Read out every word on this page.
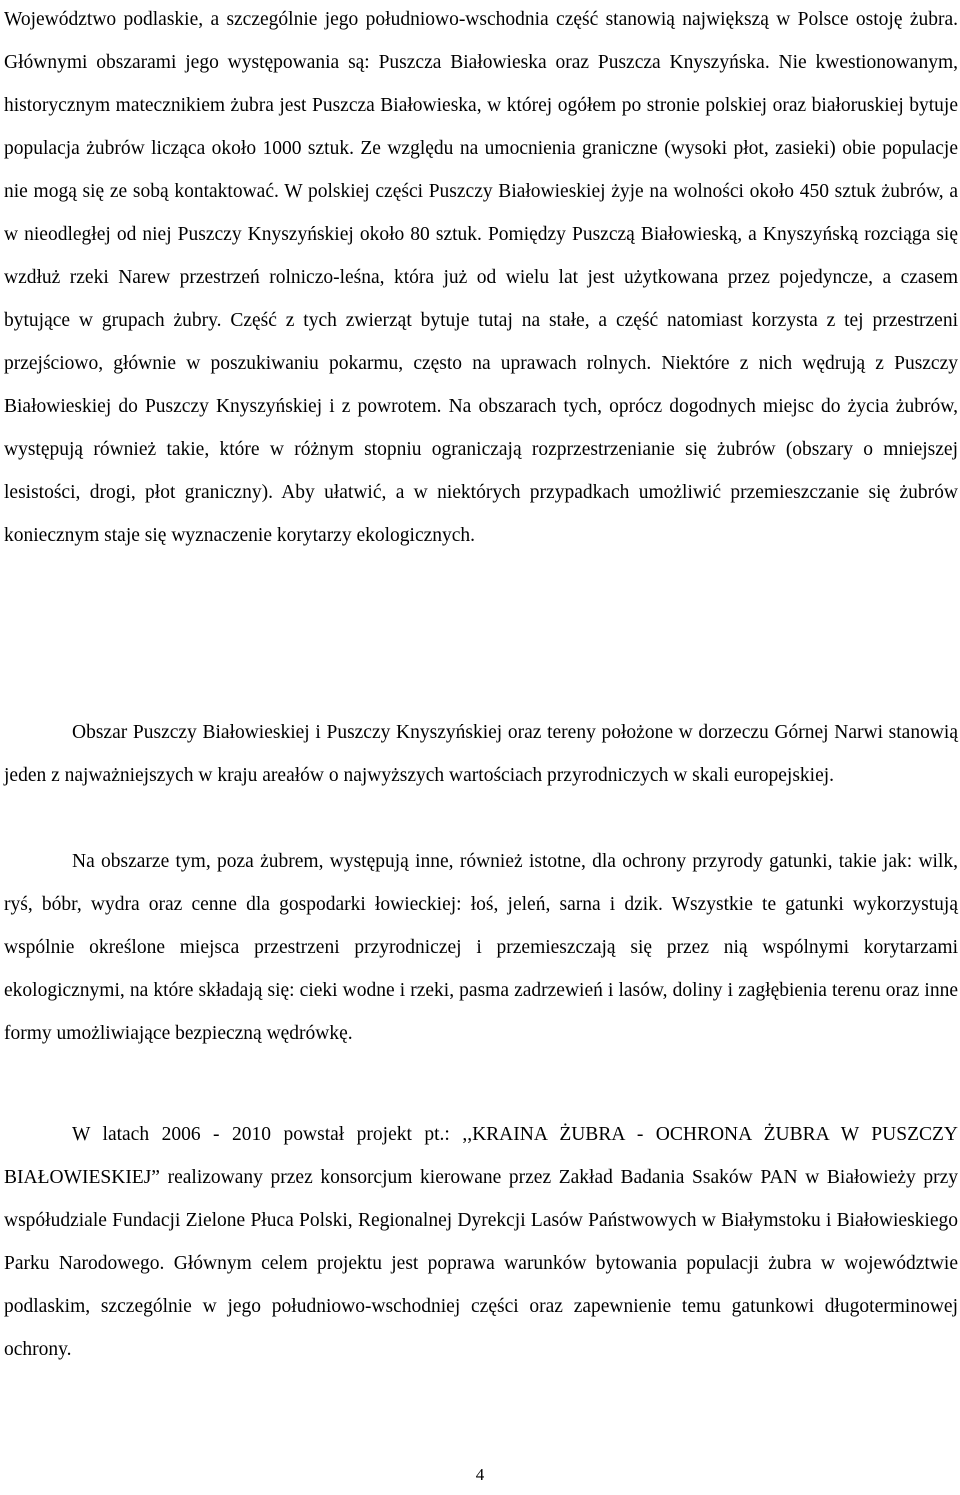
Województwo podlaskie, a szczególnie jego południowo-wschodnia część stanowią największą w Polsce ostoję żubra. Głównymi obszarami jego występowania są: Puszcza Białowieska oraz Puszcza Knyszyńska. Nie kwestionowanym, historycznym matecznikiem żubra jest Puszcza Białowieska, w której ogółem po stronie polskiej oraz białoruskiej bytuje populacja żubrów licząca około 1000 sztuk. Ze względu na umocnienia graniczne (wysoki płot, zasieki) obie populacje nie mogą się ze sobą kontaktować. W polskiej części Puszczy Białowieskiej żyje na wolności około 450 sztuk żubrów, a w nieodległej od niej Puszczy Knyszyńskiej około 80 sztuk. Pomiędzy Puszczą Białowieską, a Knyszyńską rozciąga się wzdłuż rzeki Narew przestrzeń rolniczo-leśna, która już od wielu lat jest użytkowana przez pojedyncze, a czasem bytujące w grupach żubry. Część z tych zwierząt bytuje tutaj na stałe, a część natomiast korzysta z tej przestrzeni przejściowo, głównie w poszukiwaniu pokarmu, często na uprawach rolnych. Niektóre z nich wędrują z Puszczy Białowieskiej do Puszczy Knyszyńskiej i z powrotem. Na obszarach tych, oprócz dogodnych miejsc do życia żubrów, występują również takie, które w różnym stopniu ograniczają rozprzestrzenianie się żubrów (obszary o mniejszej lesistości, drogi, płot graniczny). Aby ułatwić, a w niektórych przypadkach umożliwić przemieszczanie się żubrów koniecznym staje się wyznaczenie korytarzy ekologicznych.

Obszar Puszczy Białowieskiej i Puszczy Knyszyńskiej oraz tereny położone w dorzeczu Górnej Narwi stanowią jeden z najważniejszych w kraju areałów o najwyższych wartościach przyrodniczych w skali europejskiej.

Na obszarze tym, poza żubrem, występują inne, również istotne, dla ochrony przyrody gatunki, takie jak: wilk, ryś, bóbr, wydra oraz cenne dla gospodarki łowieckiej: łoś, jeleń, sarna i dzik. Wszystkie te gatunki wykorzystują wspólnie określone miejsca przestrzeni przyrodniczej i przemieszczają się przez nią wspólnymi korytarzami ekologicznymi, na które składają się: cieki wodne i rzeki, pasma zadrzewień i lasów, doliny i zagłębienia terenu oraz inne formy umożliwiające bezpieczną wędrówkę.

W latach 2006 - 2010 powstał projekt pt.: ,,KRAINA ŻUBRA - OCHRONA ŻUBRA W PUSZCZY BIAŁOWIESKIEJ” realizowany przez konsorcjum kierowane przez Zakład Badania Ssaków PAN w Białowieży przy współudziale Fundacji Zielone Płuca Polski, Regionalnej Dyrekcji Lasów Państwowych w Białymstoku i Białowieskiego Parku Narodowego. Głównym celem projektu jest poprawa warunków bytowania populacji żubra w województwie podlaskim, szczególnie w jego południowo-wschodniej części oraz zapewnienie temu gatunkowi długoterminowej ochrony.

4
